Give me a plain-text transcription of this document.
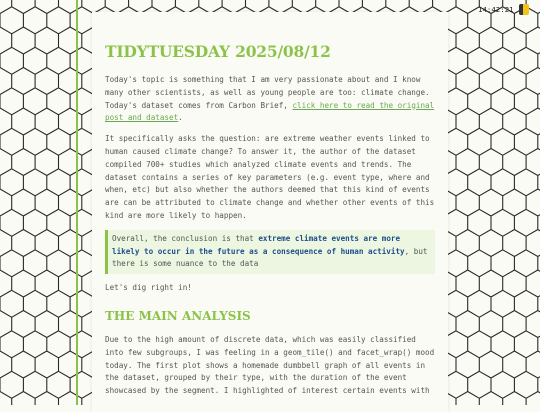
TIDYTUESDAY 2025/08/12

Today's topic is something that I am very passionate about and I know many other scientists, as well as young people are too: climate change. Today's dataset comes from Carbon Brief, click here to read the original post and dataset.

It specifically asks the question: are extreme weather events linked to human caused climate change? To answer it, the author of the dataset compiled 700+ studies which analyzed climate events and trends. The dataset contains a series of key parameters (e.g. event type, where and when, etc) but also whether the authors deemed that this kind of events are can be attributed to climate change and whether other events of this kind are more likely to happen.

Overall, the conclusion is that extreme climate events are more likely to occur in the future as a consequence of human activity, but there is some nuance to the data

Let's dig right in!

THE MAIN ANALYSIS

Due to the high amount of discrete data, which was easily classified into few subgroups, I was feeling in a geom_tile() and facet_wrap() mood today. The first plot shows a homemade dumbbell graph of all events in the dataset, grouped by their type, with the duration of the event showcased by the segment. I highlighted of interest certain events with

14:42:21
